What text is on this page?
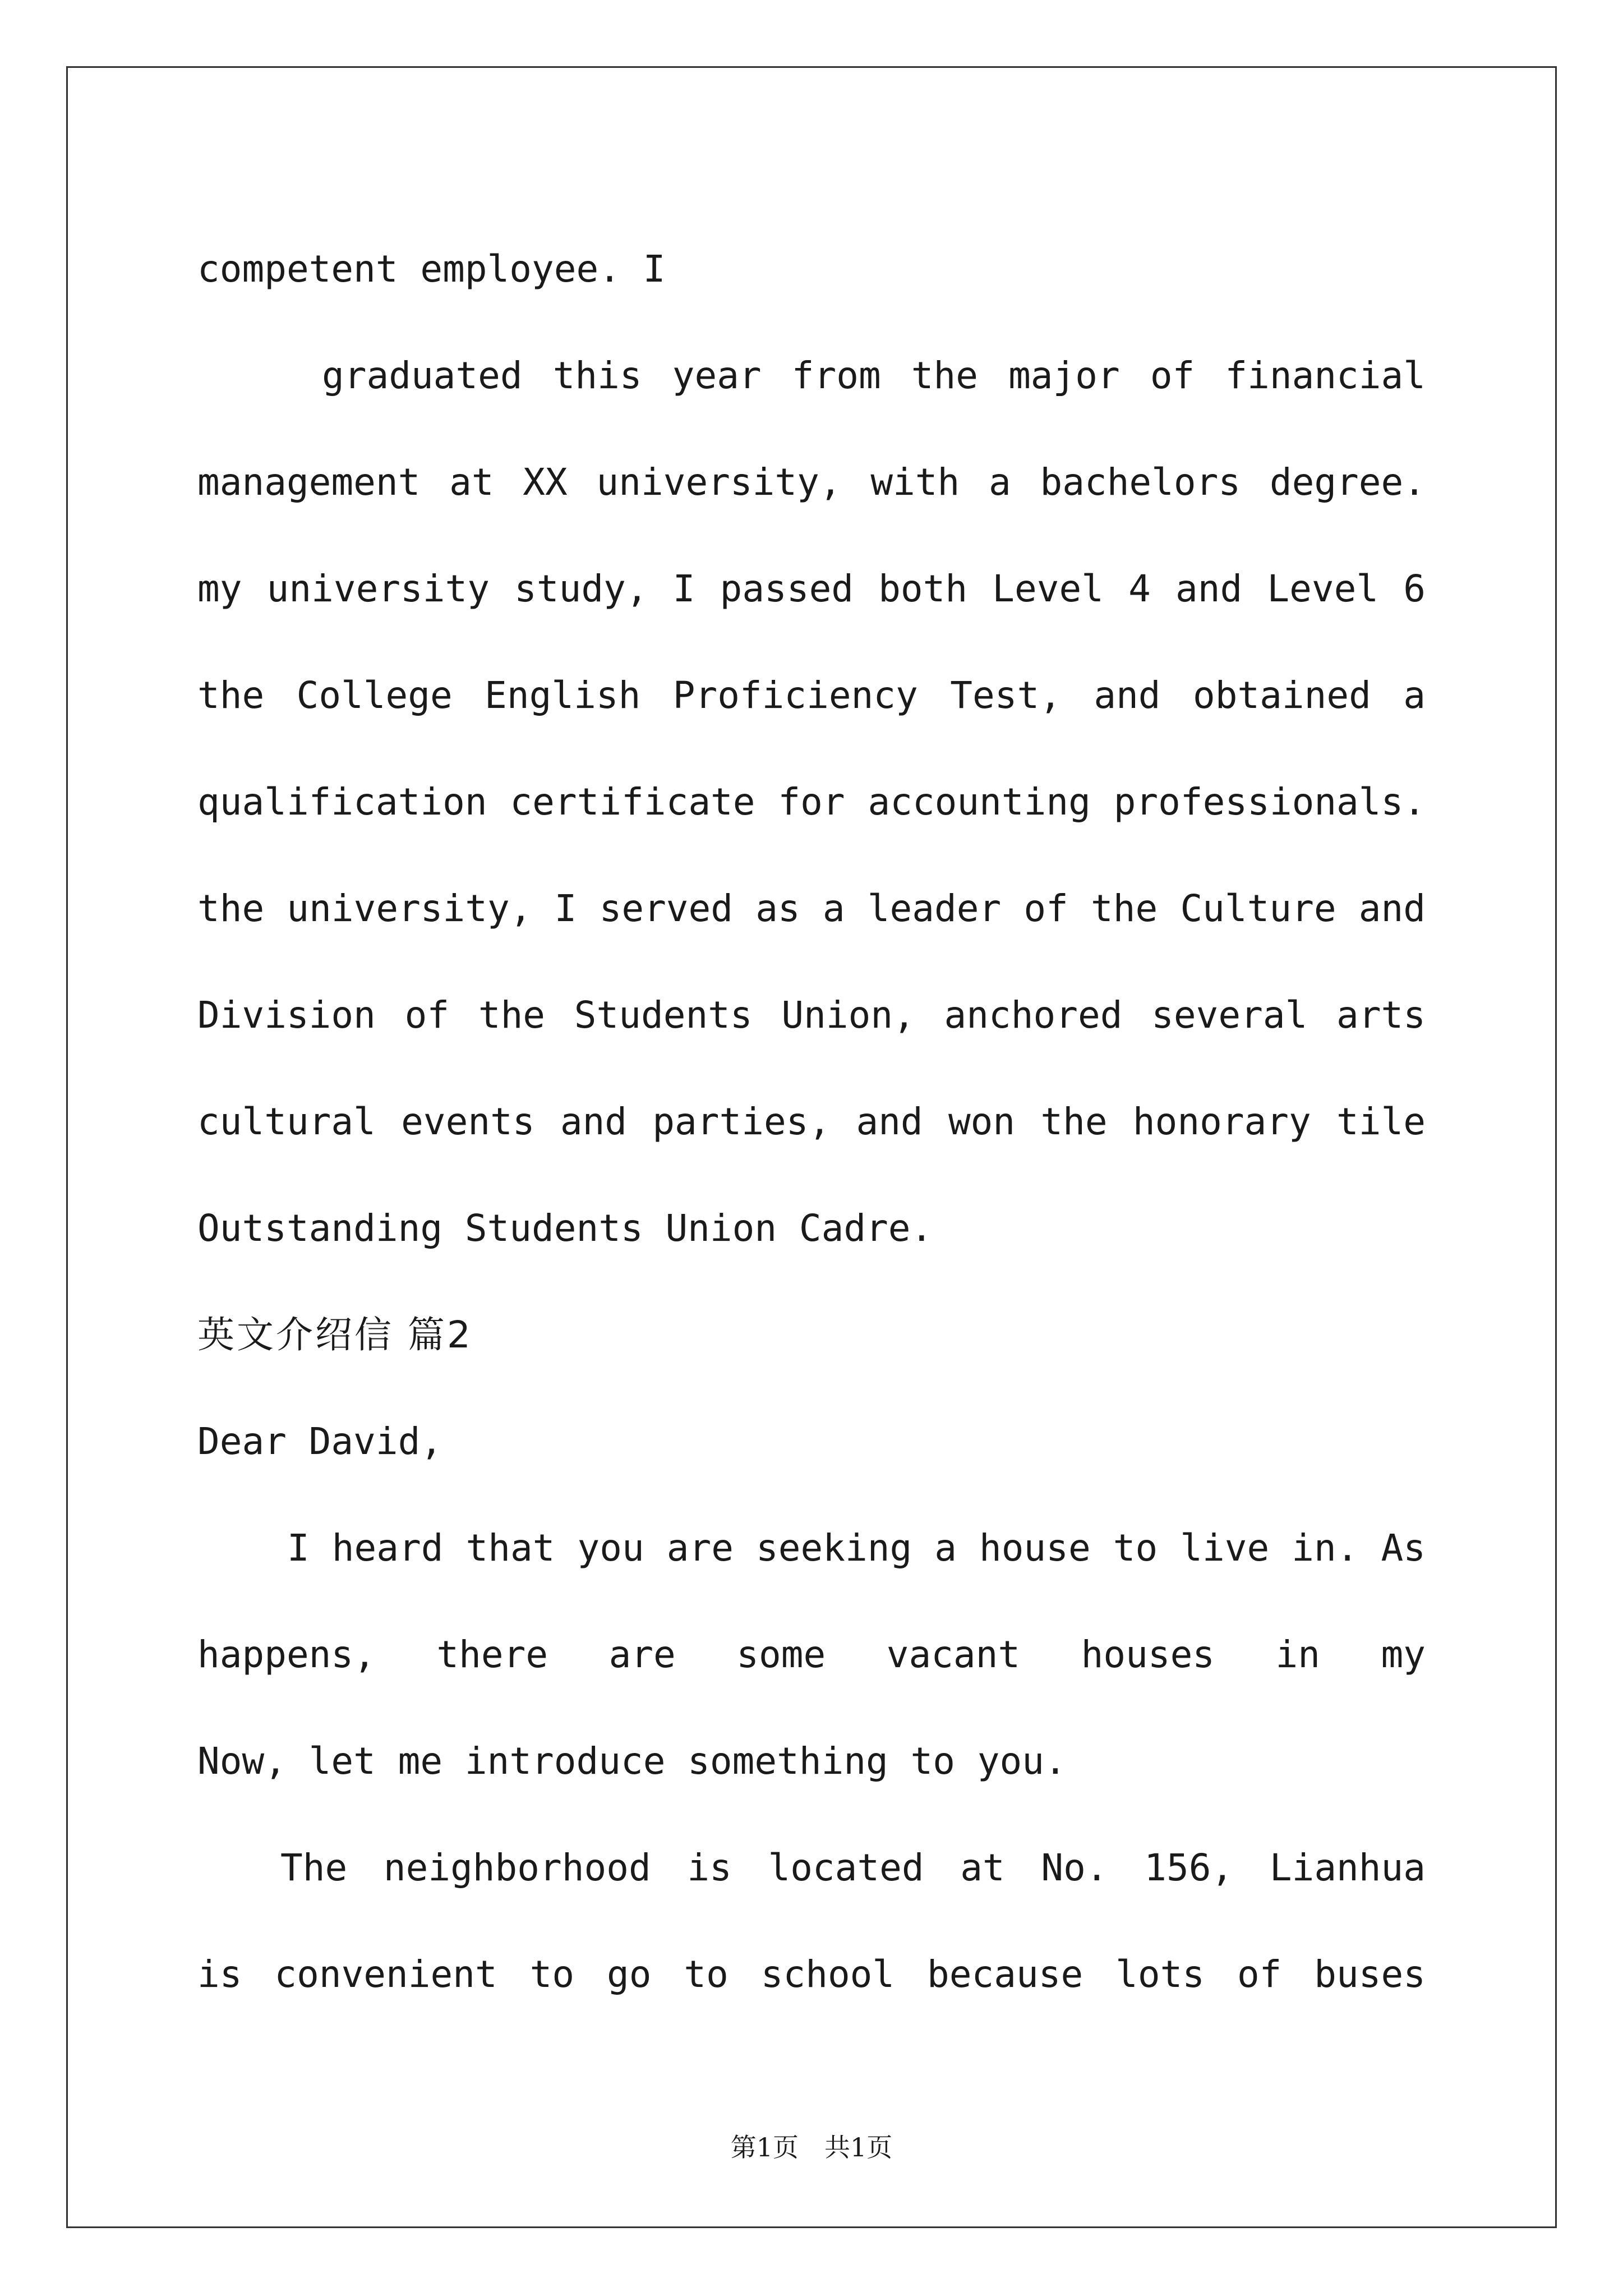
competent employee. I
graduated this year from the major of financial
management at XX university, with a bachelors degree.
my university study, I passed both Level 4 and Level 6
the College English Proficiency Test, and obtained a
qualification certificate for accounting professionals.
the university, I served as a leader of the Culture and
Division of the Students Union, anchored several arts
cultural events and parties, and won the honorary tile
Outstanding Students Union Cadre.
英文介绍信 篇2
Dear David,
I heard that you are seeking a house to live in. As
happens, there are some vacant houses in my
Now, let me introduce something to you.
The neighborhood is located at No. 156, Lianhua
is convenient to go to school because lots of buses
第1页　共1页
